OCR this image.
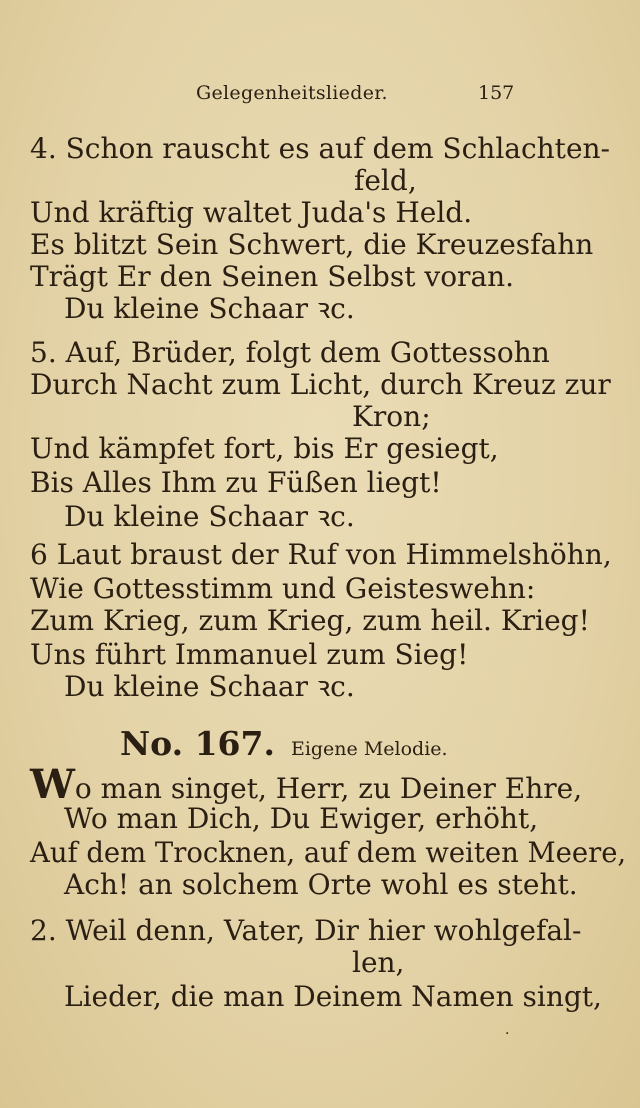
Gelegenheitslieder.	157
4. Schon rauscht es auf dem Schlachten-
feld,
Und kräftig waltet Juda's Held.
Es blitzt Sein Schwert, die Kreuzesfahn
Trägt Er den Seinen Selbst voran.
Du kleine Schaar ꝛc.
5. Auf, Brüder, folgt dem Gottessohn
Durch Nacht zum Licht, durch Kreuz zur
Kron;
Und kämpfet fort, bis Er gesiegt,
Bis Alles Ihm zu Füßen liegt!
Du kleine Schaar ꝛc.
6 Laut braust der Ruf von Himmelshöhn,
Wie Gottesstimm und Geisteswehn:
Zum Krieg, zum Krieg, zum heil. Krieg!
Uns führt Immanuel zum Sieg!
Du kleine Schaar ꝛc.
No. 167. Eigene Melodie.
Wo man singet, Herr, zu Deiner Ehre,
Wo man Dich, Du Ewiger, erhöht,
Auf dem Trocknen, auf dem weiten Meere,
Ach! an solchem Orte wohl es steht.
2. Weil denn, Vater, Dir hier wohlgefal-
len,
Lieder, die man Deinem Namen singt,
·
